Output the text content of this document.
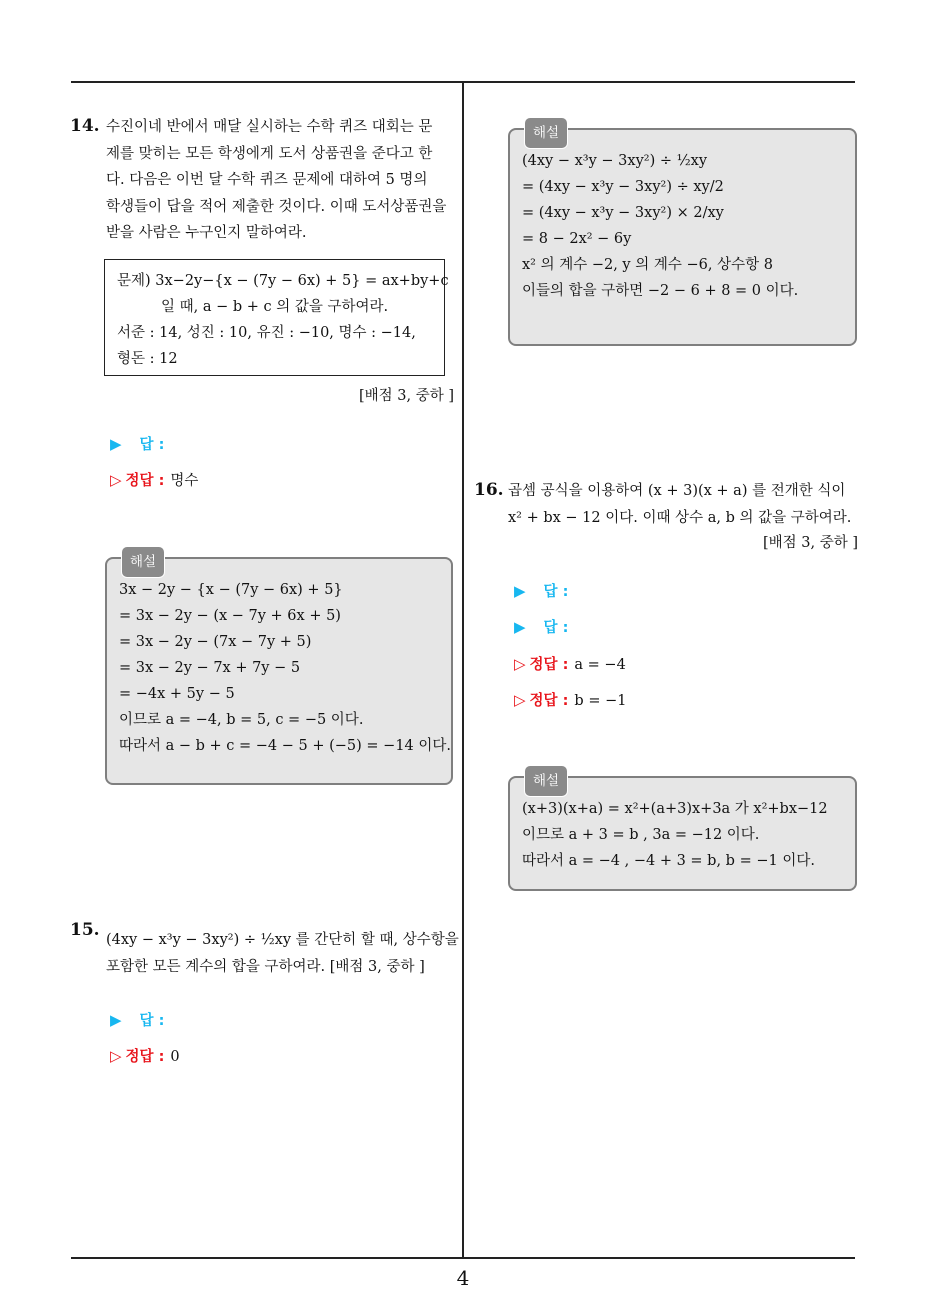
14. 수진이네 반에서 매달 실시하는 수학 퀴즈 대회는 문
제를 맞히는 모든 학생에게 도서 상품권을 준다고 한
다. 다음은 이번 달 수학 퀴즈 문제에 대하여 5 명의
학생들이 답을 적어 제출한 것이다. 이때 도서상품권을
받을 사람은 누구인지 말하여라.
문제) 3x−2y−{x − (7y − 6x) + 5} = ax+by+c
일 때, a − b + c 의 값을 구하여라.
서준 : 14, 성진 : 10, 유진 : −10, 명수 : −14,
형돈 : 12
[배점 3, 중하 ]
▶ 답 :
▷ 정답 : 명수
해설
3x − 2y − {x − (7y − 6x) + 5}
= 3x − 2y − (x − 7y + 6x + 5)
= 3x − 2y − (7x − 7y + 5)
= 3x − 2y − 7x + 7y − 5
= −4x + 5y − 5
이므로 a = −4, b = 5, c = −5 이다.
따라서 a − b + c = −4 − 5 + (−5) = −14 이다.
15. (4xy − x³y − 3xy²) ÷ ½xy 를 간단히 할 때, 상수항을
포함한 모든 계수의 합을 구하여라. [배점 3, 중하 ]
▶ 답 :
▷ 정답 : 0
해설
(4xy − x³y − 3xy²) ÷ ½xy
= (4xy − x³y − 3xy²) ÷ xy/2
= (4xy − x³y − 3xy²) × 2/xy
= 8 − 2x² − 6y
x² 의 계수 −2, y 의 계수 −6, 상수항 8
이들의 합을 구하면 −2 − 6 + 8 = 0 이다.
16. 곱셈 공식을 이용하여 (x + 3)(x + a) 를 전개한 식이
x² + bx − 12 이다. 이때 상수 a, b 의 값을 구하여라.
[배점 3, 중하 ]
▶ 답 :
▶ 답 :
▷ 정답 : a = −4
▷ 정답 : b = −1
해설
(x+3)(x+a) = x²+(a+3)x+3a 가 x²+bx−12
이므로 a + 3 = b , 3a = −12 이다.
따라서 a = −4 , −4 + 3 = b, b = −1 이다.
4
